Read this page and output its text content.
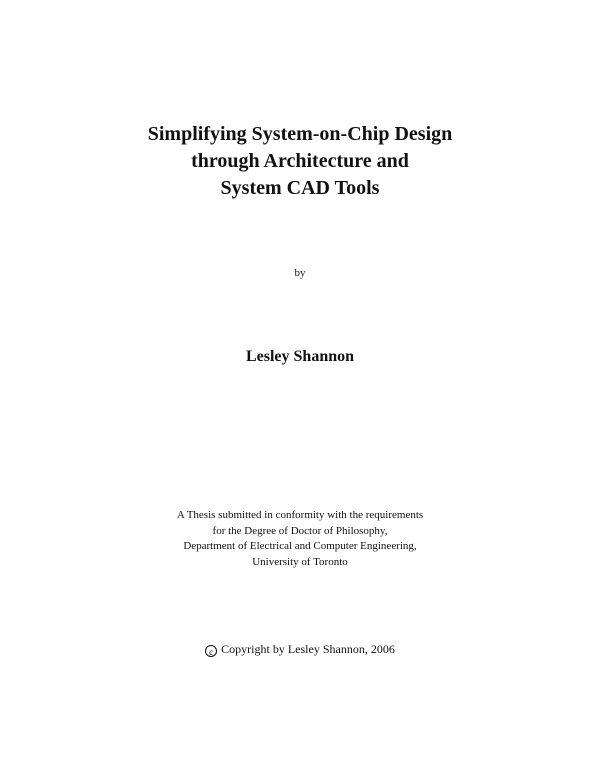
Simplifying System-on-Chip Design
through Architecture and
System CAD Tools
by
Lesley Shannon
A Thesis submitted in conformity with the requirements
for the Degree of Doctor of Philosophy,
Department of Electrical and Computer Engineering,
University of Toronto
c Copyright by Lesley Shannon, 2006
